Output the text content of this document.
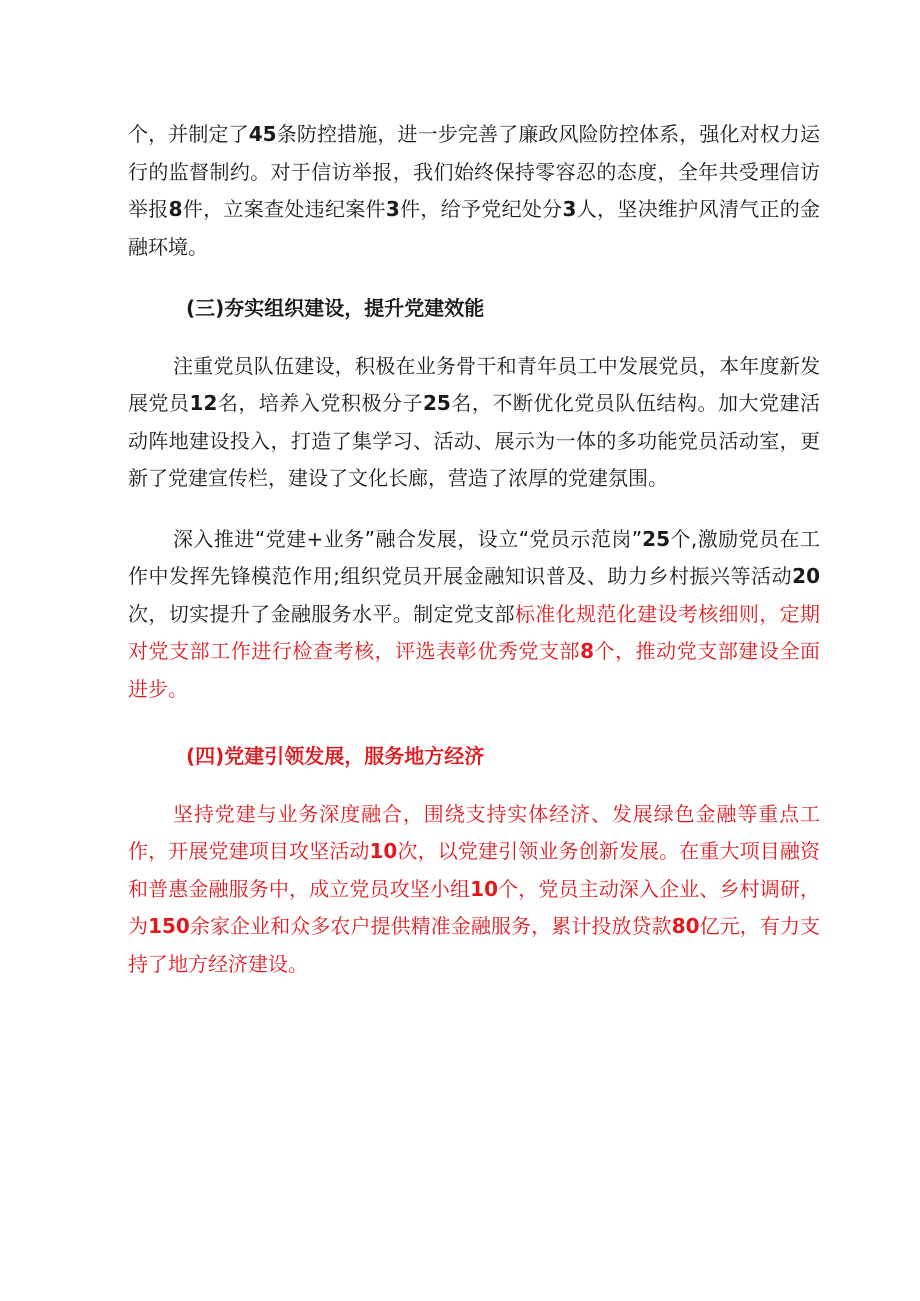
个，并制定了45条防控措施，进一步完善了廉政风险防控体系，强化对权力运行的监督制约。对于信访举报，我们始终保持零容忍的态度，全年共受理信访举报8件，立案查处违纪案件3件，给予党纪处分3人，坚决维护风清气正的金融环境。

(三)夯实组织建设，提升党建效能

注重党员队伍建设，积极在业务骨干和青年员工中发展党员，本年度新发展党员12名，培养入党积极分子25名，不断优化党员队伍结构。加大党建活动阵地建设投入，打造了集学习、活动、展示为一体的多功能党员活动室，更新了党建宣传栏，建设了文化长廊，营造了浓厚的党建氛围。

深入推进“党建+业务”融合发展，设立“党员示范岗”25个,激励党员在工作中发挥先锋模范作用;组织党员开展金融知识普及、助力乡村振兴等活动20次，切实提升了金融服务水平。制定党支部标准化规范化建设考核细则，定期对党支部工作进行检查考核，评选表彰优秀党支部8个，推动党支部建设全面进步。

(四)党建引领发展，服务地方经济

坚持党建与业务深度融合，围绕支持实体经济、发展绿色金融等重点工作，开展党建项目攻坚活动10次，以党建引领业务创新发展。在重大项目融资和普惠金融服务中，成立党员攻坚小组10个，党员主动深入企业、乡村调研，为150余家企业和众多农户提供精准金融服务，累计投放贷款80亿元，有力支持了地方经济建设。
